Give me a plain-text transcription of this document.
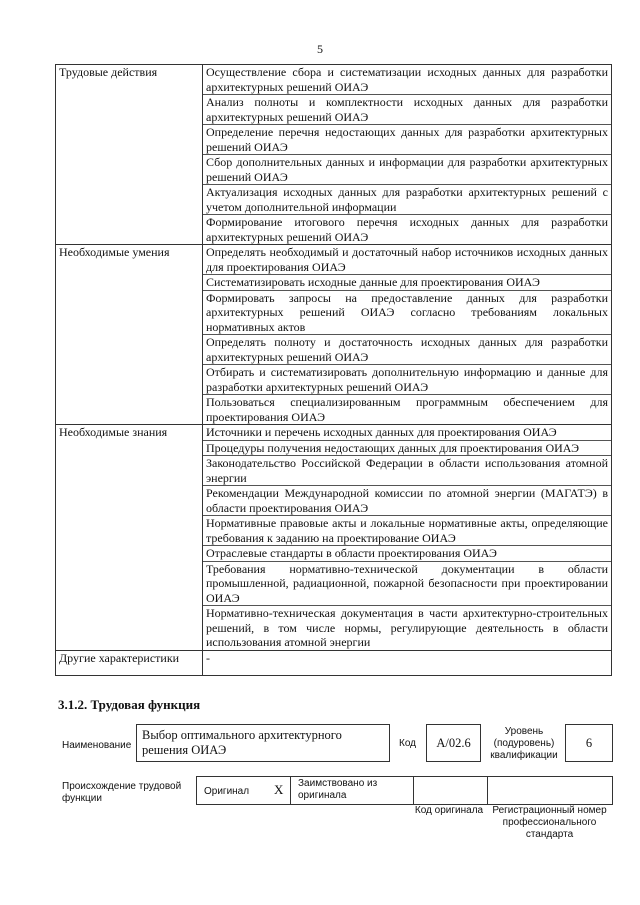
5
Трудовые действия	Осуществление сбора и систематизации исходных данных для разработки архитектурных решений ОИАЭ
	Анализ полноты и комплектности исходных данных для разработки архитектурных решений ОИАЭ
	Определение перечня недостающих данных для разработки архитектурных решений ОИАЭ
	Сбор дополнительных данных и информации для разработки архитектурных решений ОИАЭ
	Актуализация исходных данных для разработки архитектурных решений с учетом дополнительной информации
	Формирование итогового перечня исходных данных для разработки архитектурных решений ОИАЭ
Необходимые умения	Определять необходимый и достаточный набор источников исходных данных для проектирования ОИАЭ
	Систематизировать исходные данные для проектирования ОИАЭ
	Формировать запросы на предоставление данных для разработки архитектурных решений ОИАЭ согласно требованиям локальных нормативных актов
	Определять полноту и достаточность исходных данных для разработки архитектурных решений ОИАЭ
	Отбирать и систематизировать дополнительную информацию и данные для разработки архитектурных решений ОИАЭ
	Пользоваться специализированным программным обеспечением для проектирования ОИАЭ
Необходимые знания	Источники и перечень исходных данных для проектирования ОИАЭ
	Процедуры получения недостающих данных для проектирования ОИАЭ
	Законодательство Российской Федерации в области использования атомной энергии
	Рекомендации Международной комиссии по атомной энергии (МАГАТЭ) в области проектирования ОИАЭ
	Нормативные правовые акты и локальные нормативные акты, определяющие требования к заданию на проектирование ОИАЭ
	Отраслевые стандарты в области проектирования ОИАЭ
	Требования нормативно-технической документации в области промышленной, радиационной, пожарной безопасности при проектировании ОИАЭ
	Нормативно-техническая документация в части архитектурно-строительных решений, в том числе нормы, регулирующие деятельность в области использования атомной энергии
Другие характеристики	-
3.1.2. Трудовая функция
Наименование
Выбор оптимального архитектурного решения ОИАЭ	Код	A/02.6
Уровень (подуровень) квалификации
6
Происхождение трудовой функции
Оригинал X Заимствовано из оригинала
Код оригинала Регистрационный номер профессионального стандарта
